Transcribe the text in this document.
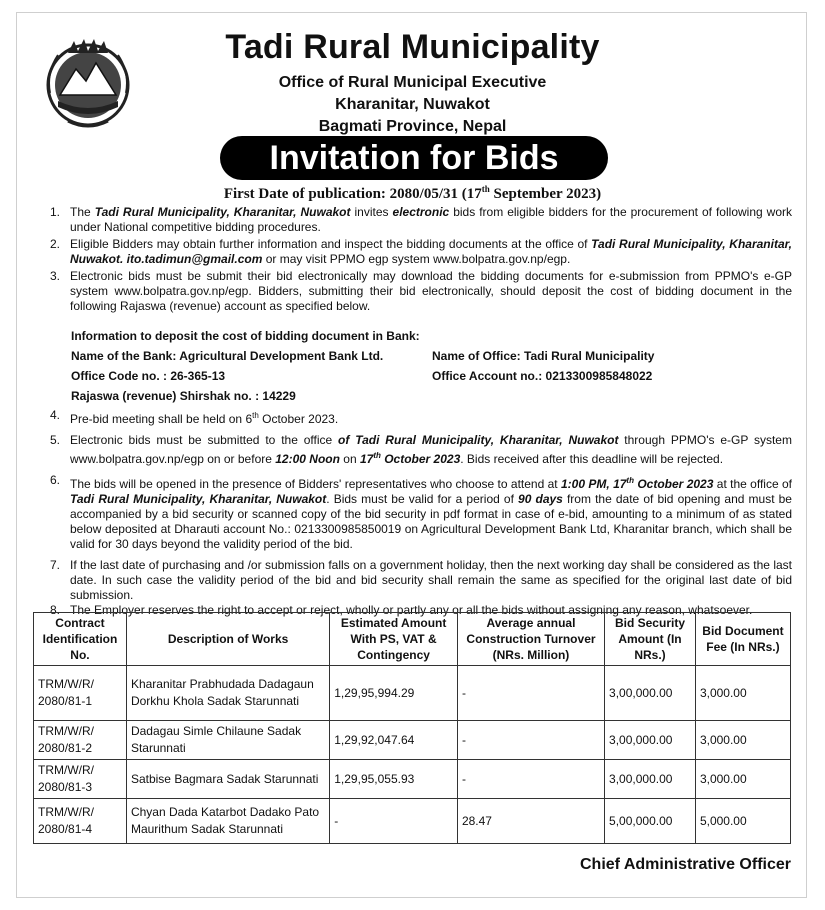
Tadi Rural Municipality
Office of Rural Municipal Executive
Kharanitar, Nuwakot
Bagmati Province, Nepal
Invitation for Bids
First Date of publication: 2080/05/31 (17th September 2023)
1. The Tadi Rural Municipality, Kharanitar, Nuwakot invites electronic bids from eligible bidders for the procurement of following work under National competitive bidding procedures.
2. Eligible Bidders may obtain further information and inspect the bidding documents at the office of Tadi Rural Municipality, Kharanitar, Nuwakot. ito.tadimun@gmail.com or may visit PPMO egp system www.bolpatra.gov.np/egp.
3. Electronic bids must be submit their bid electronically may download the bidding documents for e-submission from PPMO's e-GP system www.bolpatra.gov.np/egp. Bidders, submitting their bid electronically, should deposit the cost of bidding document in the following Rajaswa (revenue) account as specified below.
Information to deposit the cost of bidding document in Bank:
Name of the Bank: Agricultural Development Bank Ltd.	Name of Office: Tadi Rural Municipality
Office Code no. : 26-365-13	Office Account no.: 0213300985848022
Rajaswa (revenue) Shirshak no. : 14229
4. Pre-bid meeting shall be held on 6th October 2023.
5. Electronic bids must be submitted to the office of Tadi Rural Municipality, Kharanitar, Nuwakot through PPMO's e-GP system www.bolpatra.gov.np/egp on or before 12:00 Noon on 17th October 2023. Bids received after this deadline will be rejected.
6. The bids will be opened in the presence of Bidders' representatives who choose to attend at 1:00 PM, 17th October 2023 at the office of Tadi Rural Municipality, Kharanitar, Nuwakot. Bids must be valid for a period of 90 days from the date of bid opening and must be accompanied by a bid security or scanned copy of the bid security in pdf format in case of e-bid, amounting to a minimum of as stated below deposited at Dharauti account No.: 0213300985850019 on Agricultural Development Bank Ltd, Kharanitar branch, which shall be valid for 30 days beyond the validity period of the bid.
7. If the last date of purchasing and /or submission falls on a government holiday, then the next working day shall be considered as the last date. In such case the validity period of the bid and bid security shall remain the same as specified for the original last date of bid submission.
8. The Employer reserves the right to accept or reject, wholly or partly any or all the bids without assigning any reason, whatsoever.
Contract Identification No.	Description of Works	Estimated Amount With PS, VAT & Contingency	Average annual Construction Turnover (NRs. Million)	Bid Security Amount (In NRs.)	Bid Document Fee (In NRs.)
TRM/W/R/ 2080/81-1	Kharanitar Prabhudada Dadagaun Dorkhu Khola Sadak Starunnati	1,29,95,994.29	-	3,00,000.00	3,000.00
TRM/W/R/ 2080/81-2	Dadagau Simle Chilaune Sadak Starunnati	1,29,92,047.64	-	3,00,000.00	3,000.00
TRM/W/R/ 2080/81-3	Satbise Bagmara Sadak Starunnati	1,29,95,055.93	-	3,00,000.00	3,000.00
TRM/W/R/ 2080/81-4	Chyan Dada Katarbot Dadako Pato Maurithum Sadak Starunnati	-	28.47	5,00,000.00	5,000.00
Chief Administrative Officer
